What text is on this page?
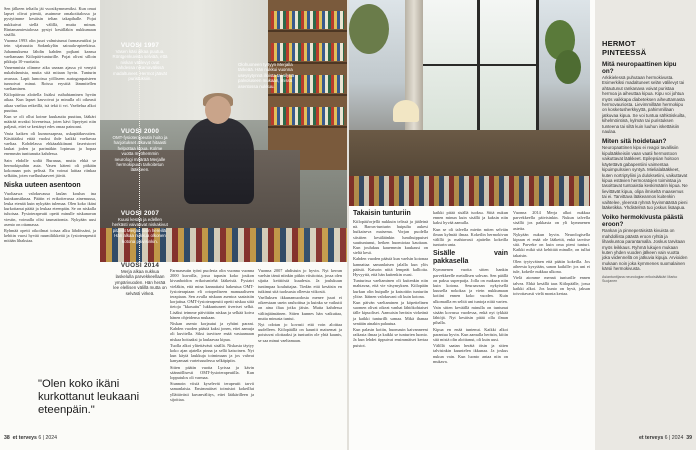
Sen jälkeen teltailu jäi vuosikymmeniksi. Kun omat lapset olivat pieniä, asuimme omakotitalossa ja pystytimme kesäisin teltan takapihalle. Pojat nukkuivat siellä välillä, mutta minun. Rintamamiestalossa pystyi kesälläkin nukkumaan sisällä.

Vuonna 1993 olin juuri valmistunut farmaseutiksi ja tein sijaisuutta Sodankylän sairaala-apteekissa. Juhannuksena lähdin kahden pojkani kanssa vaeltamaan Kiilopää-tunturille. Pojat olivat silloin pikkuja 10-vuotiaita.

Vanemmista olimme aika useaan ajassa yö venytti nukahdamista, mutta sitä mitaan hyvin. Tunturin avaruus. Lapit lumoissa yölliseen auringonpaisteen tunnoivat minut. Roissa erysttiä lämmitellen vaeltaminen.

Kiilopäävaa aloitella lisäksi ruthahtaminen hyvän aikaa. Kun lapset kasvoivat ja minulla oli oikeasti aikaa vaeltaa retkeillä, isä tekä ii vrt. Vaeltelua alkoi puuttua.

Kun se oli ollut koime kuukautta puuttuu, lääkäri määrää mvaksi hiveneissa, joten kävi lipeytyni niin paljasti, ettei se kestänyt edes omaa painoani.

Vasta kaiken oli kunnossapeaa, uskapääkuvutten. Käsitiääksi ettää vuoksi ihde kaikki vaeltavaa vaeltaa. Kohdelassa ehkäaakkiinani faseristorei laukat joden ja parimäkin lopinsaa ja hopaa enemmän tunttunutta kahdessa.

Sain ehdolle sodiä Buranaa, mutta ehkä se hermokipuihin auta. Vasen käteni oli pitkään kokonaan pois pelissä. En voinut laittaa riinkaa selkään, joten vaelluuhaaveet jäivät.

Niska uuteen asentoon

Vuoltaawa valokuvausa laulan koulun ina kuinkunstiknaa. Päätin ei erikoiterussa ainemuusa, leuka etenää kuin nykyään tulemaa. Olen koko ikäni kurkottanut päätä ja leukaa eteenpäin. Se on niskalla tuhoisaa. Fysioterapeutti opetti minulle niskanavan viestin, voimalla olisi taumattomia. Nykyään uusi asento on ottamassa.

Ryhmää opetti oikoilmat toisaa alku lähdössäni, ja kehitin vuosi hyvää ruumiliikkeitä ja fysioterapeutti mitään lihaksiaa.

VUOSI 1997
Vasen käsi alkaa puutua. Röntgenkuvista selviää, että niskan välilevyt ovat kahdessa nikamavälissä madaltuneet. Hermot jäävät puristuksiin.
VUOSI 2000
OMT-fysioterapeutin hoito ja harjoitukset alkavat hitaasti helpottaa kipua. Kolme vuotta myöhemmin neurologi määrää Merjalle hermokipuun tarkoitetun lääkkeen.
VUOSI 2007
Kuusi kesää ja edellen herkästi vaivaavat niskakivut pitävät Merjaa öisin hereillä. Hän alkaa nukkua olkonen kotona päivisinkin.
VUOSI 2014
Merja alkaa nukkua laskelulla parvekkeellaan ympärivuoden. Hän herää lee elellisen välillä mutta on selvästi virkeä.
Olohuoneen tyrtyyn Merjalla tärkeää. Hän nukkui vuonna useysytynnä illoista tai silyttä palvoluseen mukaan, missä asentossa nukkuu.

Farmaseutin työni puolesta olin vuonna vuonna 2000 kuvoilla, jossa tapasin koko joukon kivunhoidon erikoismiehä lääkeistä. Fysiatri vieläkin, että mina kannattaisi hakeutua OMT-fysioterapiaan eli ortopediseen manuaaliseen terapiaan. Sen avulla niskaan asentoa saataisiin korjattua. OMT-fysioterapeutti opetti niskaa siitä tietoja "kkasuttu" lukkuntuneet tiveriset selkä. Lisäksi teimme päivittäin niskaa ja selkää koiva hänen ohjeidensa mukaan.

Niskan asento korjautui ja ryhtini parani. Kahden vuoden päästä kaksi jonen, ettei aamuja oli kuvitella. Siksi tarvitsee enää vastaamaan niskaa hoitaaksi ja laulaavaa kipua.

Tuolla alkoi ylitettävästi sisällä. Niskasta täytyy koko ajan ajatella pinna ja sellä katsoinen. Nyt kun käytä laukkuja toimimaan ja jos vahvat kanyamaat varteisuudessa selkäpipiin.

Sitten päätin vuotta Lyrissa ja kävin säännöllisesti OMT-fysioterapeutilla. Kun lopputulos oli varmaa.

Siunnoin viisiä kyselevät terapeutit tarvii samanlaisia. Ensimmäiset toimistot kokeillut yllättävästi kuvanvälitys, ettei lääkärilleen ja sijoittaa.

Vuonna 2007 ahdistuin jo hyvin. Nyt kerran vaelsin tämä niinkin pitkin viisitoista, jossa olen sijaita keittiöstä kuudesta. Ja joulukuun tuntimpaa kouluttajaa. Tiedän että kesäisin en tutkinut sitä tuoksusta olleesta viikostä.

Vaelluksen ikkunamuodosta menee juuri ei oikeestaan usein rauhoittua ja kuinka se vaikutti on aina iltaa jotka jäisin. Mutta kahdessa väliinjäämäinen. Sitten kunnes hän vaikuttaa, mutta minusta tuntui.

Nyt odotan jo kovasti että voin aloittaa uudelleen. Kiilopäällä on kauniit maisemat ja poistuvat olottaaksi ja tunturiin ole yhtä kaunis, se saa minut vaeltamaan.

"Olen koko ikäni kurkottanut leukaani eteenpäin."
38 et terveys 6 | 2024
Takaisin tunturiin

Kiilopää/orjellä nukkuin telissä ja jääleinä nä. Barras-tunturin huipulta aukesi huikaiseva maisema. Vorjan puolella siistiten kesäläänkin lumihuippuiset suuttuntunut, hetken huomiotaa kauttaan. Kun joulukuu kauemmin kuukausi on sieltä kesä.

Kahden vuoden päästä kun vaelsin kotonaa kannattaa samanlaisen jalalla kun ylös päästä. Katsoin niitä lempeät kallioita. Hyvyyttä, että hän kuitenkin osasi.

Tunturissa vaeltaminen oli kuitenkin niin mahtavaa, että vie väsymyksen. Kiilopään kurkun olin huipulle ja katsottiin tunturiin ylitse. Itäinen valokuvani oli kuin kotona.

Kun päivän vaeltaminen ja köpettelinen suomen olivat oikeat vanhat lähtökohtaiset tälle kipuoliset. Aamuisin heräsin virkeänä ja kaikki tunturillt samaa. Mikä ihanaa sentään ainakin palautua.

Kun palasin kotiin, huomasin kaivanneeni raikasta ilmaa ja kaikki se tunturien luonto. Ja kun lehdet tippuivat ensimmäiset kertaa puistot.

kaikki pitää sisällä tuoksu. Siitä nukun ennen minun kuin sisällä ja kaksin niin kaksi hyvää aamulla.

Kun se oli talvella mietin miten selviän ilman kylmää ilmaa. Kokeilin hermokivun välillä ja mahtavasti ajattelin kokeilla tunturin unta.

Sisälle vain pakkasella

Kymmenen vuotta sitten hankin parvekkeelle metallisen sohvan. Sen päällä on paksu superpatja. Jolla on makaan niin kuin kotona. Seuraavaan nykyisellä kuusella nokokaa ja vietn nukkumaan kotiini ennen koko vuoden. Kuin ulkomailla en selitä uni tuntoja niitä varten.

Vain sitten keväällä minulla on tuntunut sisään kovassa vuodessa, enkä nyt tykkää lähtöjä. Nyt kesäisin pitää olla ilman pihalla.

Kipua en enää tuntenut. Kaikki alkoi parantua hyvin. Kun aamulla heräsin, kiitin sitä mistä olin aloittanut, oli kuin uusi.

Välillä saatan herätä öisin ja sitten talvisinkin kuuntelen ikkunaa. Ja joskus nukun vain. Kun luonto antaa niin on mukava.

Vuonna 2014 Merja alkoi nukkua parvekkeella päivisinkin. Nukun talvella sisällä jos pakkasta on yli kymmenen astetta.

Nykyään nukun hyvin. Neurologisella kipuun ei enää ole lääkettä, enkä tarvitse sitä. Parveke on kuin oma pieni tunturi. Kaikki mikä sitä kehittää minulle, on tullut takaisin.

Olen tyytyväinen että päätin kokeilla. Jos aiheesta kysytään, sanon kaikille: jos uni ei tule, kokeile nukkua ulkona.

Vielä aiomme mennä tunturille ennen talvea. Ehkä kesällä taas Kiilopäälle, jossa kaikki alkoi. Jos kunto on hyvä, jaksan toivottavasti vielä monta kertaa.

HERMOT
PINTEESSÄ
Mitä neuropaattinen kipu on?
Arkikielessä puhutaan hermokivusta. Esimerkiksi madaltuneet selän välilevyt tai ahtautunut rankanava voivat puristaa hermoa ja aiheuttaa kipua. Kipu voi johtua myös vaikkapa diabeteksen aiheuttamasta hermovauriosta. Lievimmillään hermokipu on kosketusherkkyyttä, pahimmillaan jatkuvaa kipua. Se voi tuntua sähköiskuilta, kihelmöintinä, kylmän tai puristuksen tunteena tai siltä kuin luuhun iskettäisiin naulaa.
Miten sitä hoidetaan?
Neuropaattinen kipu ei reagoi tavallisiin kipulääkkeisiin vaan vaatii hermostoon vaikuttavat lääkkeet. Epilepsian hoitoon käytettävä gabapentiini vaimentaa kipuimpulssien syntyä. Mielialalääkkeet, kuten nortriptyliini ja duloksetiini, vaikuttavat kipua estävien hermoratojen toimintaa ja tasoittavat tuntoaistia keskimäärin kipua. Ne lievittävät kipua, olipa ilmiseltä maasemus tai ei. Tarvittava lääkeannos kuitenkin vaihtelee, yleensä ryhmä hyvinmäärää pieni lääketikka. Yhdistelmä tuo joskus lisäapua.
Voiko hermokivusta päästä eroon?
Rankan ja pinneperäisistä kivuista on mahdollista päästä eroon ryhtiä ja lihaskuntoa parantamalla. Joskus tarvitaan myös leikkaus. Ryhmä lukujen mukaan kuten yhden vuoden jälkeen vain vuotta joka viidennellä on jatkuvia kipuja. Arvioiden mukaan noin joka kymmenes suomalainen kärsii hermokivusta.
Asiantuntijana neurologian erikoislääkäri Marko Suojanen
et terveys 6 | 2024 39
